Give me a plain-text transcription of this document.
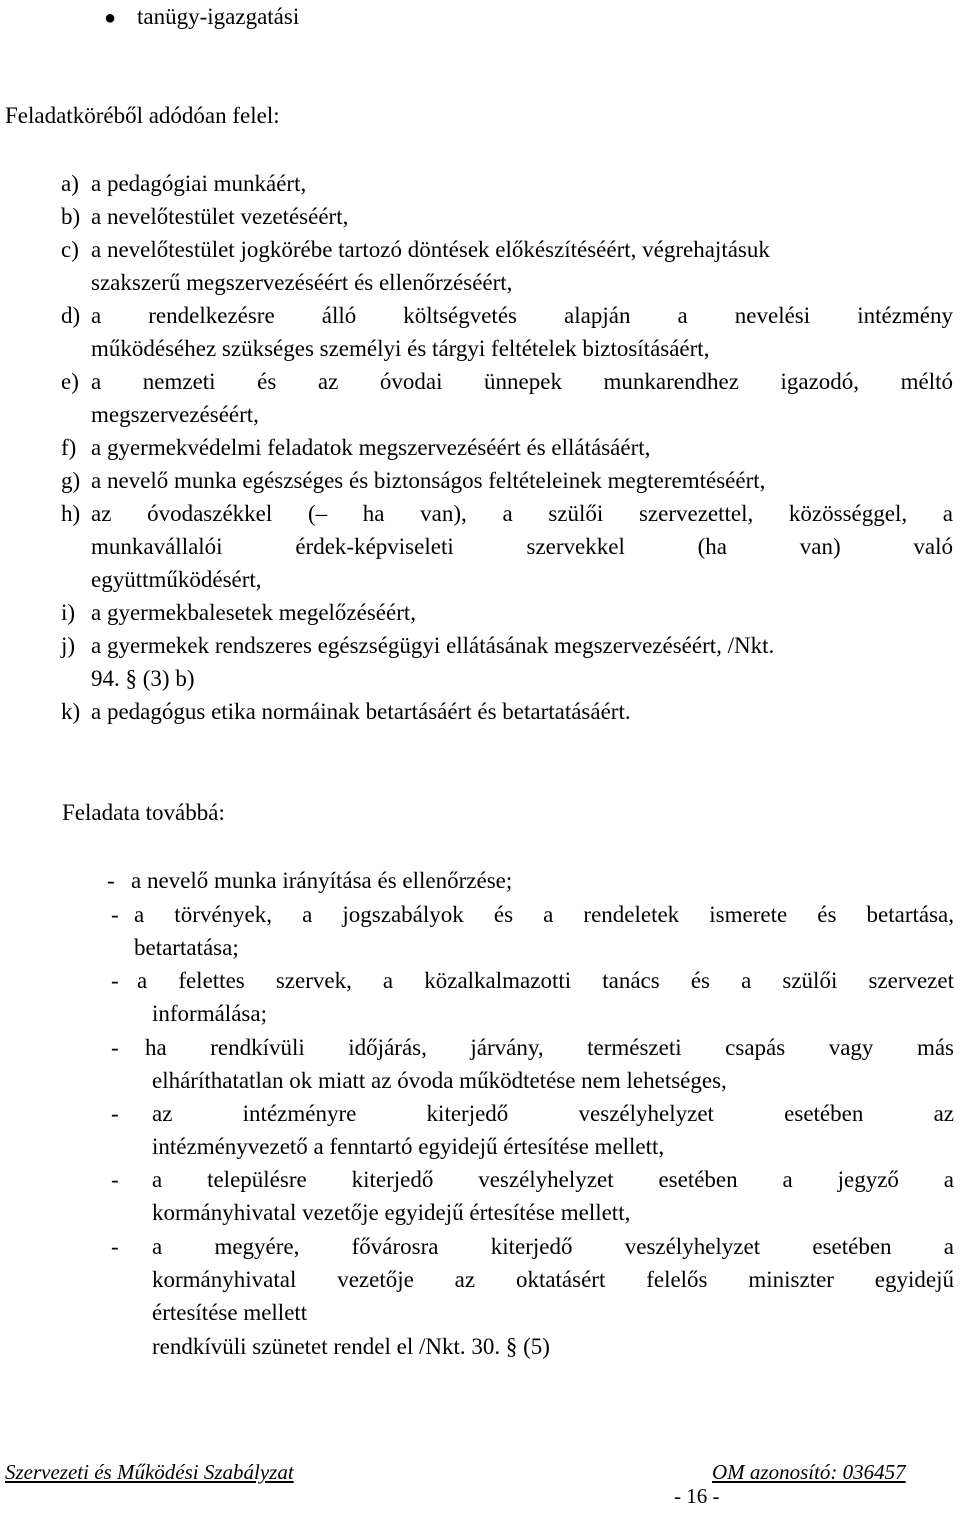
● tanügy-igazgatási
Feladatköréből adódóan felel:
a) a pedagógiai munkáért,
b) a nevelőtestület vezetéséért,
c) a nevelőtestület jogkörébe tartozó döntések előkészítéséért, végrehajtásuk
szakszerű megszervezéséért és ellenőrzéséért,
d) a rendelkezésre álló költségvetés alapján a nevelési intézmény
működéséhez szükséges személyi és tárgyi feltételek biztosításáért,
e) a nemzeti és az óvodai ünnepek munkarendhez igazodó, méltó
megszervezéséért,
f) a gyermekvédelmi feladatok megszervezéséért és ellátásáért,
g) a nevelő munka egészséges és biztonságos feltételeinek megteremtéséért,
h) az óvodaszékkel (– ha van), a szülői szervezettel, közösséggel, a
munkavállalói érdek-képviseleti szervekkel (ha van) való
együttműködésért,
i) a gyermekbalesetek megelőzéséért,
j) a gyermekek rendszeres egészségügyi ellátásának megszervezéséért, /Nkt.
94. § (3) b)
k) a pedagógus etika normáinak betartásáért és betartatásáért.
Feladata továbbá:
- a nevelő munka irányítása és ellenőrzése;
- a törvények, a jogszabályok és a rendeletek ismerete és betartása,
betartatása;
- a felettes szervek, a közalkalmazotti tanács és a szülői szervezet
informálása;
- ha rendkívüli időjárás, járvány, természeti csapás vagy más
elháríthatatlan ok miatt az óvoda működtetése nem lehetséges,
- az intézményre kiterjedő veszélyhelyzet esetében az
intézményvezető a fenntartó egyidejű értesítése mellett,
- a településre kiterjedő veszélyhelyzet esetében a jegyző a
kormányhivatal vezetője egyidejű értesítése mellett,
- a megyére, fővárosra kiterjedő veszélyhelyzet esetében a
kormányhivatal vezetője az oktatásért felelős miniszter egyidejű
értesítése mellett
rendkívüli szünetet rendel el /Nkt. 30. § (5)
Szervezeti és Működési Szabályzat	OM azonosító: 036457
- 16 -
